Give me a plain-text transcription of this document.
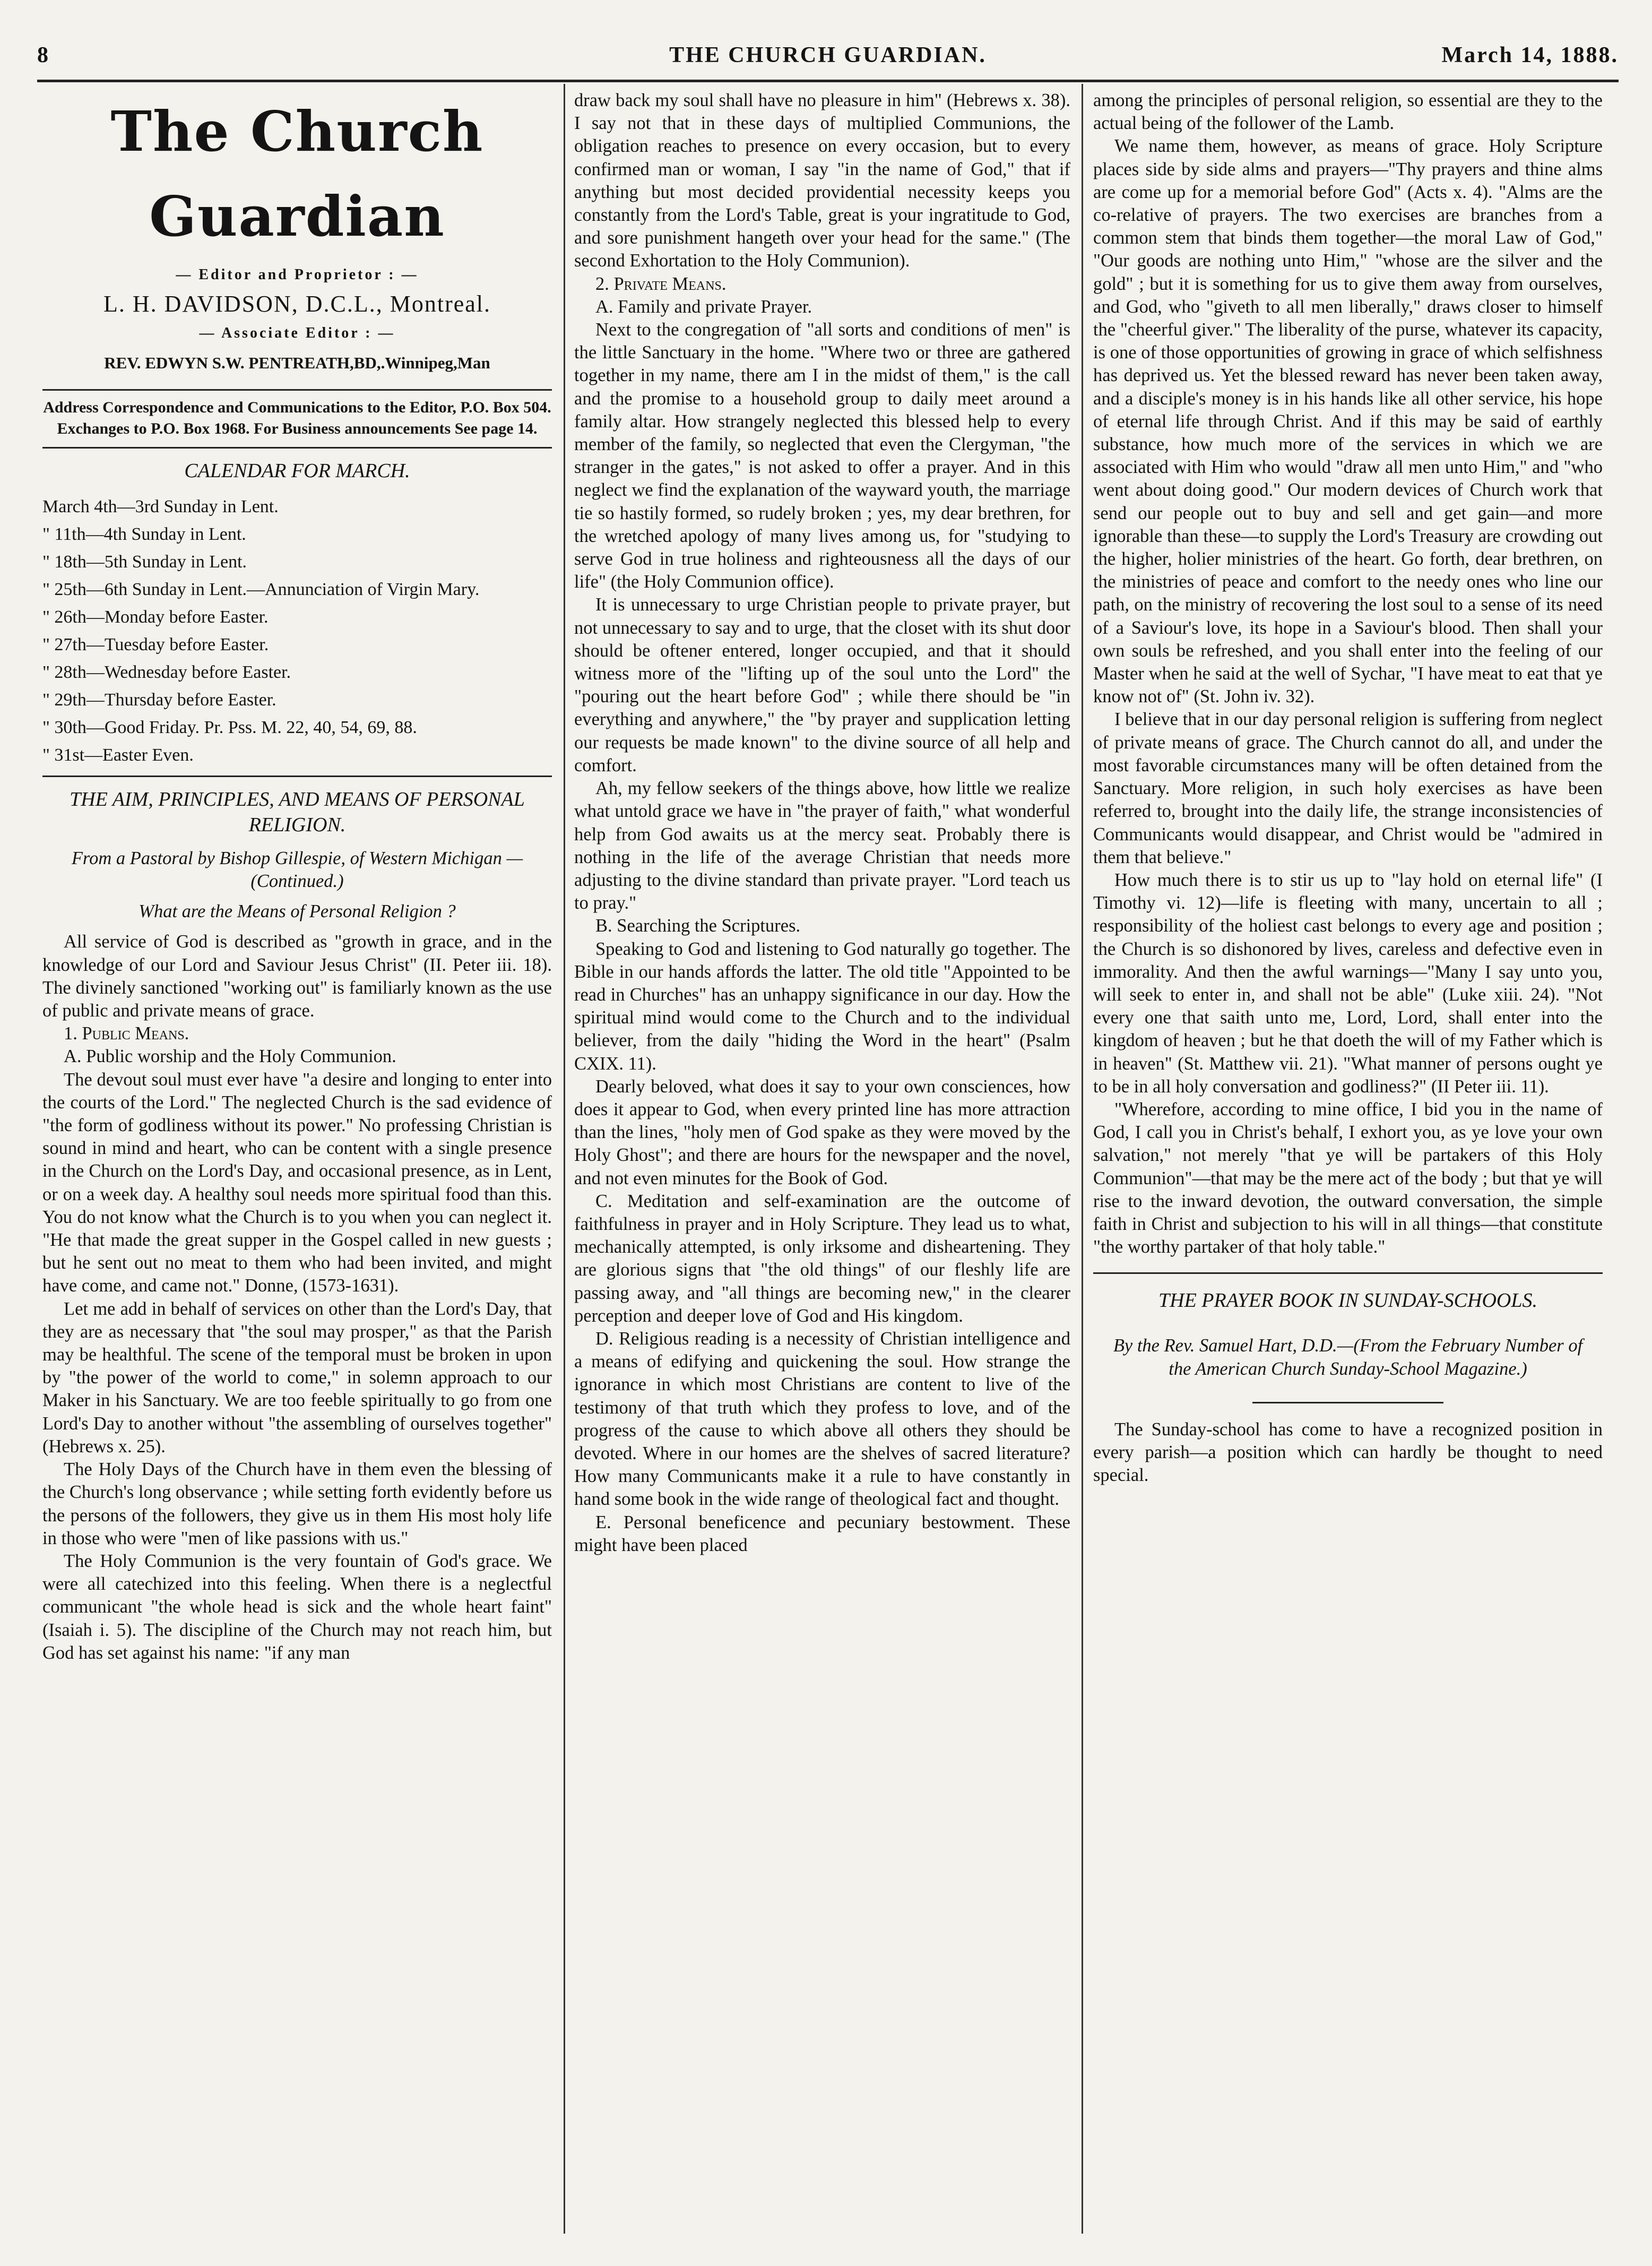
8	THE CHURCH GUARDIAN.	March 14, 1888.
The Church Guardian
— Editor and Proprietor : —
L. H. DAVIDSON, D.C.L., Montreal.
— Associate Editor : —
REV. EDWYN S.W. PENTREATH,BD,.Winnipeg,Man
Address Correspondence and Communications to the Editor, P.O. Box 504. Exchanges to P.O. Box 1968. For Business announcements See page 14.
CALENDAR FOR MARCH.
March 4th—3rd Sunday in Lent.
" 11th—4th Sunday in Lent.
" 18th—5th Sunday in Lent.
" 25th—6th Sunday in Lent.—Annunciation of Virgin Mary.
" 26th—Monday before Easter.
" 27th—Tuesday before Easter.
" 28th—Wednesday before Easter.
" 29th—Thursday before Easter.
" 30th—Good Friday. Pr. Pss. M. 22, 40, 54, 69, 88.
" 31st—Easter Even.
THE AIM, PRINCIPLES, AND MEANS OF PERSONAL RELIGION.
From a Pastoral by Bishop Gillespie, of Western Michigan —(Continued.)

What are the Means of Personal Religion ?

All service of God is described as "growth in grace, and in the knowledge of our Lord and Saviour Jesus Christ" (II. Peter iii. 18). The divinely sanctioned "working out" is familiarly known as the use of public and private means of grace.

1. Public Means.

A. Public worship and the Holy Communion.

The devout soul must ever have "a desire and longing to enter into the courts of the Lord." The neglected Church is the sad evidence of "the form of godliness without its power." No professing Christian is sound in mind and heart, who can be content with a single presence in the Church on the Lord's Day, and occasional presence, as in Lent, or on a week day. A healthy soul needs more spiritual food than this. You do not know what the Church is to you when you can neglect it. "He that made the great supper in the Gospel called in new guests ; but he sent out no meat to them who had been invited, and might have come, and came not." Donne, (1573-1631).

Let me add in behalf of services on other than the Lord's Day, that they are as necessary that "the soul may prosper," as that the Parish may be healthful. The scene of the temporal must be broken in upon by "the power of the world to come," in solemn approach to our Maker in his Sanctuary. We are too feeble spiritually to go from one Lord's Day to another without "the assembling of ourselves together" (Hebrews x. 25).

The Holy Days of the Church have in them even the blessing of the Church's long observance ; while setting forth evidently before us the persons of the followers, they give us in them His most holy life in those who were "men of like passions with us."

The Holy Communion is the very fountain of God's grace. We were all catechized into this feeling. When there is a neglectful communicant "the whole head is sick and the whole heart faint" (Isaiah i. 5). The discipline of the Church may not reach him, but God has set against his name: "if any man

draw back my soul shall have no pleasure in him" (Hebrews x. 38). I say not that in these days of multiplied Communions, the obligation reaches to presence on every occasion, but to every confirmed man or woman, I say "in the name of God," that if anything but most decided providential necessity keeps you constantly from the Lord's Table, great is your ingratitude to God, and sore punishment hangeth over your head for the same." (The second Exhortation to the Holy Communion).

2. Private Means.

A. Family and private Prayer.

Next to the congregation of "all sorts and conditions of men" is the little Sanctuary in the home. "Where two or three are gathered together in my name, there am I in the midst of them," is the call and the promise to a household group to daily meet around a family altar. How strangely neglected this blessed help to every member of the family, so neglected that even the Clergyman, "the stranger in the gates," is not asked to offer a prayer. And in this neglect we find the explanation of the wayward youth, the marriage tie so hastily formed, so rudely broken ; yes, my dear brethren, for the wretched apology of many lives among us, for "studying to serve God in true holiness and righteousness all the days of our life" (the Holy Communion office).

It is unnecessary to urge Christian people to private prayer, but not unnecessary to say and to urge, that the closet with its shut door should be oftener entered, longer occupied, and that it should witness more of the "lifting up of the soul unto the Lord" the "pouring out the heart before God" ; while there should be "in everything and anywhere," the "by prayer and supplication letting our requests be made known" to the divine source of all help and comfort.

Ah, my fellow seekers of the things above, how little we realize what untold grace we have in "the prayer of faith," what wonderful help from God awaits us at the mercy seat. Probably there is nothing in the life of the average Christian that needs more adjusting to the divine standard than private prayer. "Lord teach us to pray."

B. Searching the Scriptures.

Speaking to God and listening to God naturally go together. The Bible in our hands affords the latter. The old title "Appointed to be read in Churches" has an unhappy significance in our day. How the spiritual mind would come to the Church and to the individual believer, from the daily "hiding the Word in the heart" (Psalm CXIX. 11).

Dearly beloved, what does it say to your own consciences, how does it appear to God, when every printed line has more attraction than the lines, "holy men of God spake as they were moved by the Holy Ghost"; and there are hours for the newspaper and the novel, and not even minutes for the Book of God.

C. Meditation and self-examination are the outcome of faithfulness in prayer and in Holy Scripture. They lead us to what, mechanically attempted, is only irksome and disheartening. They are glorious signs that "the old things" of our fleshly life are passing away, and "all things are becoming new," in the clearer perception and deeper love of God and His kingdom.

D. Religious reading is a necessity of Christian intelligence and a means of edifying and quickening the soul. How strange the ignorance in which most Christians are content to live of the testimony of that truth which they profess to love, and of the progress of the cause to which above all others they should be devoted. Where in our homes are the shelves of sacred literature? How many Communicants make it a rule to have constantly in hand some book in the wide range of theological fact and thought.

E. Personal beneficence and pecuniary bestowment. These might have been placed

among the principles of personal religion, so essential are they to the actual being of the follower of the Lamb.

We name them, however, as means of grace. Holy Scripture places side by side alms and prayers—"Thy prayers and thine alms are come up for a memorial before God" (Acts x. 4). "Alms are the co-relative of prayers. The two exercises are branches from a common stem that binds them together—the moral Law of God," "Our goods are nothing unto Him," "whose are the silver and the gold" ; but it is something for us to give them away from ourselves, and God, who "giveth to all men liberally," draws closer to himself the "cheerful giver." The liberality of the purse, whatever its capacity, is one of those opportunities of growing in grace of which selfishness has deprived us. Yet the blessed reward has never been taken away, and a disciple's money is in his hands like all other service, his hope of eternal life through Christ. And if this may be said of earthly substance, how much more of the services in which we are associated with Him who would "draw all men unto Him," and "who went about doing good." Our modern devices of Church work that send our people out to buy and sell and get gain—and more ignorable than these—to supply the Lord's Treasury are crowding out the higher, holier ministries of the heart. Go forth, dear brethren, on the ministries of peace and comfort to the needy ones who line our path, on the ministry of recovering the lost soul to a sense of its need of a Saviour's love, its hope in a Saviour's blood. Then shall your own souls be refreshed, and you shall enter into the feeling of our Master when he said at the well of Sychar, "I have meat to eat that ye know not of" (St. John iv. 32).

I believe that in our day personal religion is suffering from neglect of private means of grace. The Church cannot do all, and under the most favorable circumstances many will be often detained from the Sanctuary. More religion, in such holy exercises as have been referred to, brought into the daily life, the strange inconsistencies of Communicants would disappear, and Christ would be "admired in them that believe."

How much there is to stir us up to "lay hold on eternal life" (I Timothy vi. 12)—life is fleeting with many, uncertain to all ; responsibility of the holiest cast belongs to every age and position ; the Church is so dishonored by lives, careless and defective even in immorality. And then the awful warnings—"Many I say unto you, will seek to enter in, and shall not be able" (Luke xiii. 24). "Not every one that saith unto me, Lord, Lord, shall enter into the kingdom of heaven ; but he that doeth the will of my Father which is in heaven" (St. Matthew vii. 21). "What manner of persons ought ye to be in all holy conversation and godliness?" (II Peter iii. 11).

"Wherefore, according to mine office, I bid you in the name of God, I call you in Christ's behalf, I exhort you, as ye love your own salvation," not merely "that ye will be partakers of this Holy Communion"—that may be the mere act of the body ; but that ye will rise to the inward devotion, the outward conversation, the simple faith in Christ and subjection to his will in all things—that constitute "the worthy partaker of that holy table."

THE PRAYER BOOK IN SUNDAY-SCHOOLS.
By the Rev. Samuel Hart, D.D.—(From the February Number of the American Church Sunday-School Magazine.)

The Sunday-school has come to have a recognized position in every parish—a position which can hardly be thought to need special.
